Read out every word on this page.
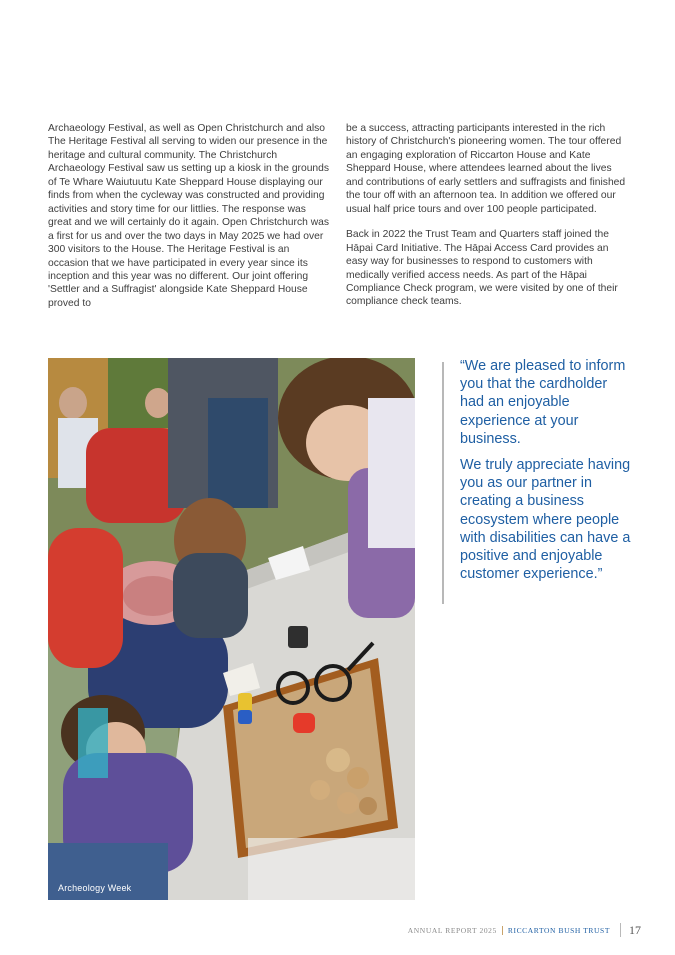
Archaeology Festival, as well as Open Christchurch and also The Heritage Festival all serving to widen our presence in the heritage and cultural community. The Christchurch Archaeology Festival saw us setting up a kiosk in the grounds of Te Whare Waiutuutu Kate Sheppard House displaying our finds from when the cycleway was constructed and providing activities and story time for our littlies. The response was great and we will certainly do it again. Open Christchurch was a first for us and over the two days in May 2025 we had over 300 visitors to the House. The Heritage Festival is an occasion that we have participated in every year since its inception and this year was no different. Our joint offering 'Settler and a Suffragist' alongside Kate Sheppard House proved to

be a success, attracting participants interested in the rich history of Christchurch's pioneering women. The tour offered an engaging exploration of Riccarton House and Kate Sheppard House, where attendees learned about the lives and contributions of early settlers and suffragists and finished the tour off with an afternoon tea. In addition we offered our usual half price tours and over 100 people participated.

Back in 2022 the Trust Team and Quarters staff joined the Hāpai Card Initiative. The Hāpai Access Card provides an easy way for businesses to respond to customers with medically verified access needs. As part of the Hāpai Compliance Check program, we were visited by one of their compliance check teams.

Archeology Week

“We are pleased to inform you that the cardholder had an enjoyable experience at your business.

We truly appreciate having you as our partner in creating a business ecosystem where people with disabilities can have a positive and enjoyable customer experience.”

ANNUAL REPORT 2025 RICCARTON BUSH TRUST 17
